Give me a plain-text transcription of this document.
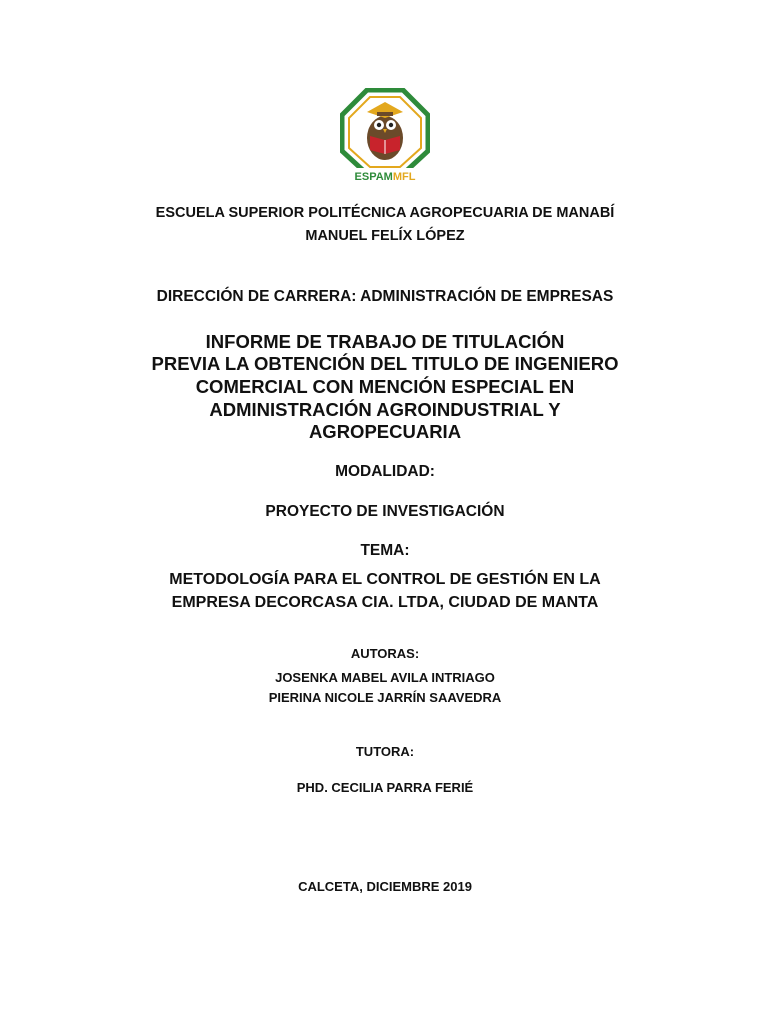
ESPAMMFL
ESCUELA SUPERIOR POLITÉCNICA AGROPECUARIA DE MANABÍ
MANUEL FELÍX LÓPEZ
DIRECCIÓN DE CARRERA: ADMINISTRACIÓN DE EMPRESAS
INFORME DE TRABAJO DE TITULACIÓN
PREVIA LA OBTENCIÓN DEL TITULO DE INGENIERO
COMERCIAL CON MENCIÓN ESPECIAL EN
ADMINISTRACIÓN AGROINDUSTRIAL Y
AGROPECUARIA
MODALIDAD:
PROYECTO DE INVESTIGACIÓN
TEMA:
METODOLOGÍA PARA EL CONTROL DE GESTIÓN EN LA
EMPRESA DECORCASA CIA. LTDA, CIUDAD DE MANTA
AUTORAS:
JOSENKA MABEL AVILA INTRIAGO
PIERINA NICOLE JARRÍN SAAVEDRA
TUTORA:
PHD. CECILIA PARRA FERIÉ
CALCETA, DICIEMBRE 2019
